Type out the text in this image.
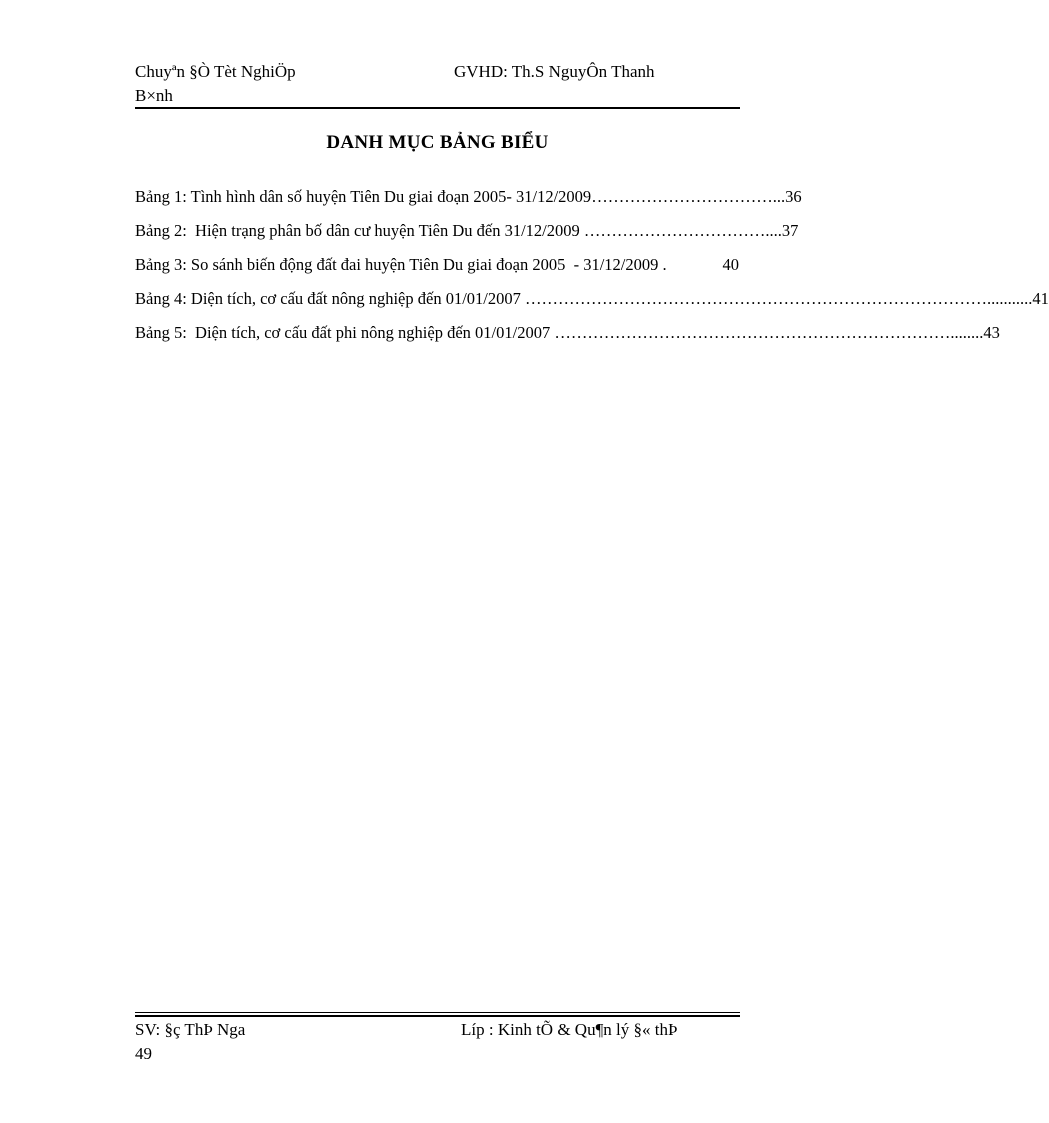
Chuyªn §Ò Tèt NghiÖp
B×nh
GVHD: Th.S NguyÔn Thanh
DANH MỤC BẢNG BIỂU
Bảng 1: Tình hình dân số huyện Tiên Du giai đoạn 2005- 31/12/2009 ……………………………... 36
Bảng 2:  Hiện trạng phân bố dân cư huyện Tiên Du đến 31/12/2009 …………………………….... 37
Bảng 3: So sánh biến động đất đai huyện Tiên Du giai đoạn 2005  - 31/12/2009 .	40
Bảng 4: Diện tích, cơ cấu đất nông nghiệp đến 01/01/2007 …………………………………………………………………………........... 41
Bảng 5:  Diện tích, cơ cấu đất phi nông nghiệp đến 01/01/2007 ………………………………………………………………........ 43
SV: §ç ThÞ Nga	Líp : Kinh tÕ & Qu¶n lý §« thÞ
49
